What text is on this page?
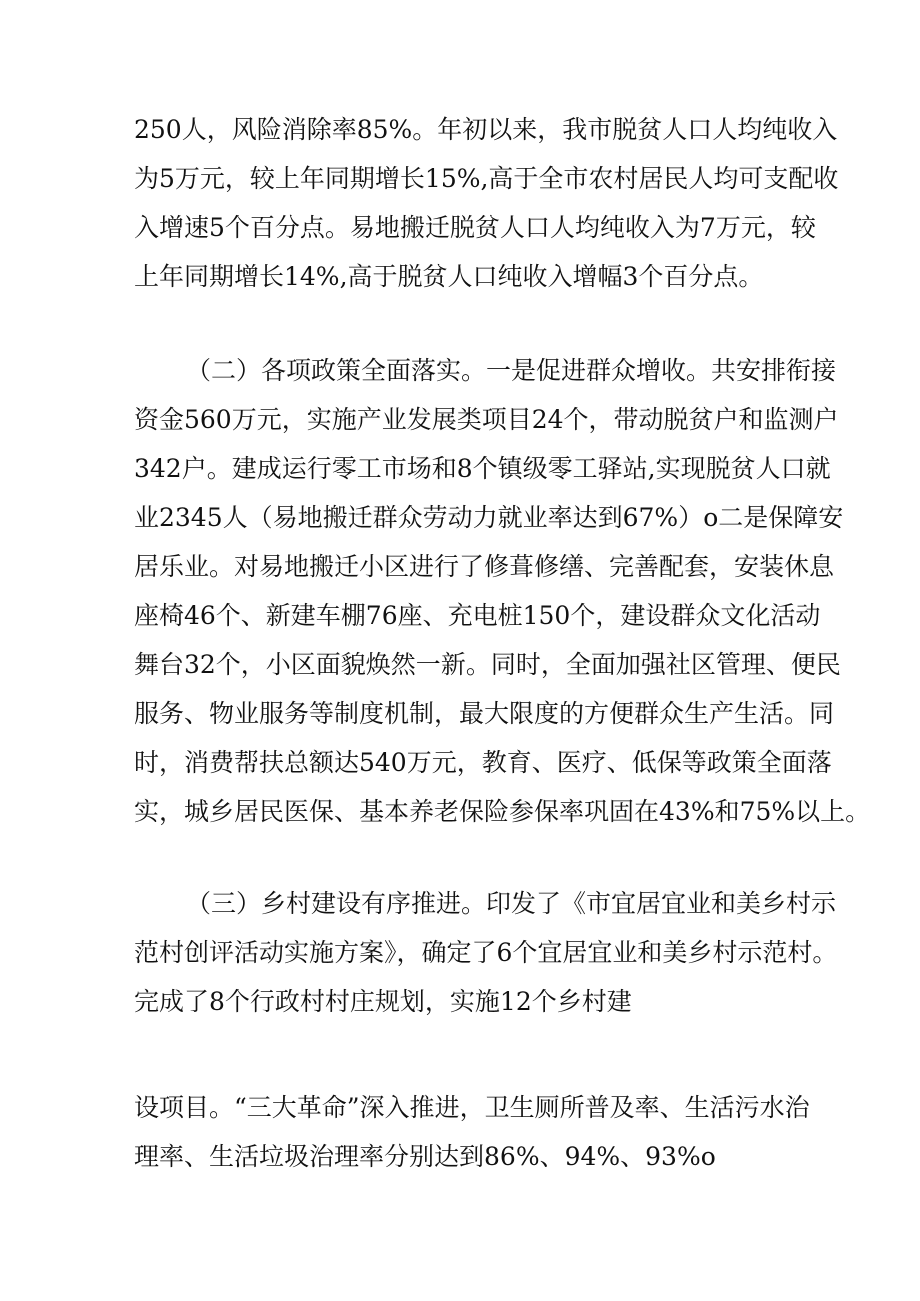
250人，风险消除率85%。年初以来，我市脱贫人口人均纯收入
为5万元，较上年同期增长15%,高于全市农村居民人均可支配收
入增速5个百分点。易地搬迁脱贫人口人均纯收入为7万元，较
上年同期增长14%,高于脱贫人口纯收入增幅3个百分点。
（二）各项政策全面落实。一是促进群众增收。共安排衔接
资金560万元，实施产业发展类项目24个，带动脱贫户和监测户
342户。建成运行零工市场和8个镇级零工驿站,实现脱贫人口就
业2345人（易地搬迁群众劳动力就业率达到67%）o二是保障安
居乐业。对易地搬迁小区进行了修葺修缮、完善配套，安装休息
座椅46个、新建车棚76座、充电桩150个，建设群众文化活动
舞台32个，小区面貌焕然一新。同时，全面加强社区管理、便民
服务、物业服务等制度机制，最大限度的方便群众生产生活。同
时，消费帮扶总额达540万元，教育、医疗、低保等政策全面落
实，城乡居民医保、基本养老保险参保率巩固在43%和75%以上。
（三）乡村建设有序推进。印发了《市宜居宜业和美乡村示
范村创评活动实施方案》，确定了6个宜居宜业和美乡村示范村。
完成了8个行政村村庄规划，实施12个乡村建
设项目。“三大革命”深入推进，卫生厕所普及率、生活污水治
理率、生活垃圾治理率分别达到86%、94%、93%o
